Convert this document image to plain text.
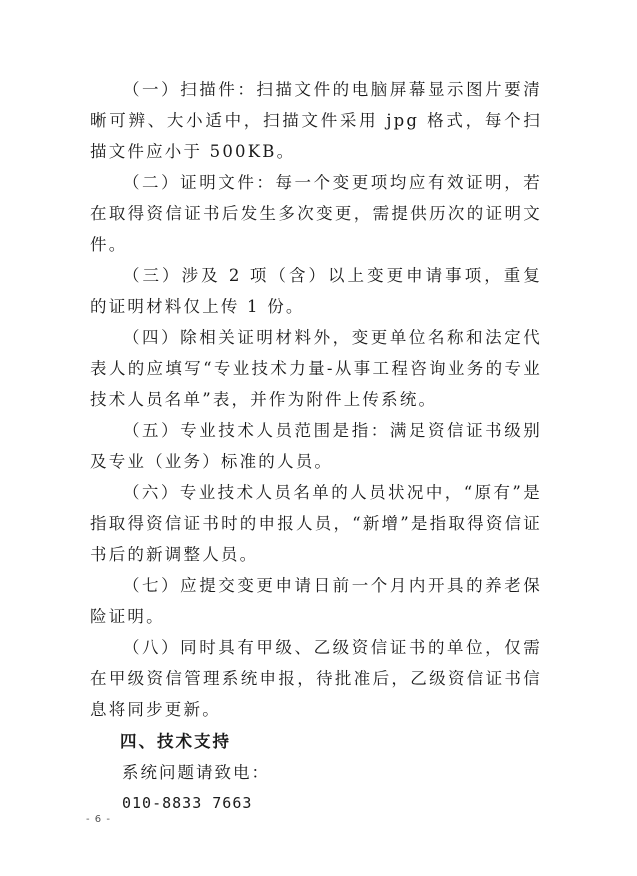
（一）扫描件：扫描文件的电脑屏幕显示图片要清晰可辨、大小适中，扫描文件采用 jpg 格式，每个扫描文件应小于 500KB。

（二）证明文件：每一个变更项均应有效证明，若在取得资信证书后发生多次变更，需提供历次的证明文件。

（三）涉及 2 项（含）以上变更申请事项，重复的证明材料仅上传 1 份。

（四）除相关证明材料外，变更单位名称和法定代表人的应填写“专业技术力量-从事工程咨询业务的专业技术人员名单”表，并作为附件上传系统。

（五）专业技术人员范围是指：满足资信证书级别及专业（业务）标准的人员。

（六）专业技术人员名单的人员状况中，“原有”是指取得资信证书时的申报人员，“新增”是指取得资信证书后的新调整人员。

（七）应提交变更申请日前一个月内开具的养老保险证明。

（八）同时具有甲级、乙级资信证书的单位，仅需在甲级资信管理系统申报，待批准后，乙级资信证书信息将同步更新。

四、技术支持

系统问题请致电：

010-8833 7663

- 6 -
